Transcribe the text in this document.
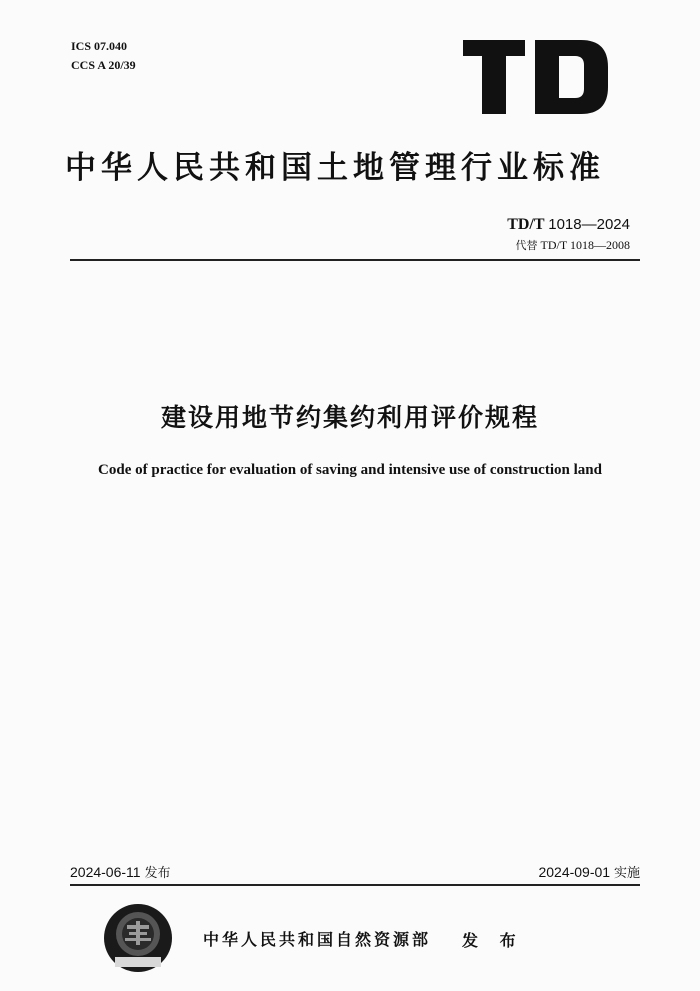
ICS 07.040
CCS A 20/39
中华人民共和国土地管理行业标准
TD/T 1018—2024
代替 TD/T 1018—2008
建设用地节约集约利用评价规程
Code of practice for evaluation of saving and intensive use of construction land
2024-06-11 发布	2024-09-01 实施
中华人民共和国自然资源部 发 布
